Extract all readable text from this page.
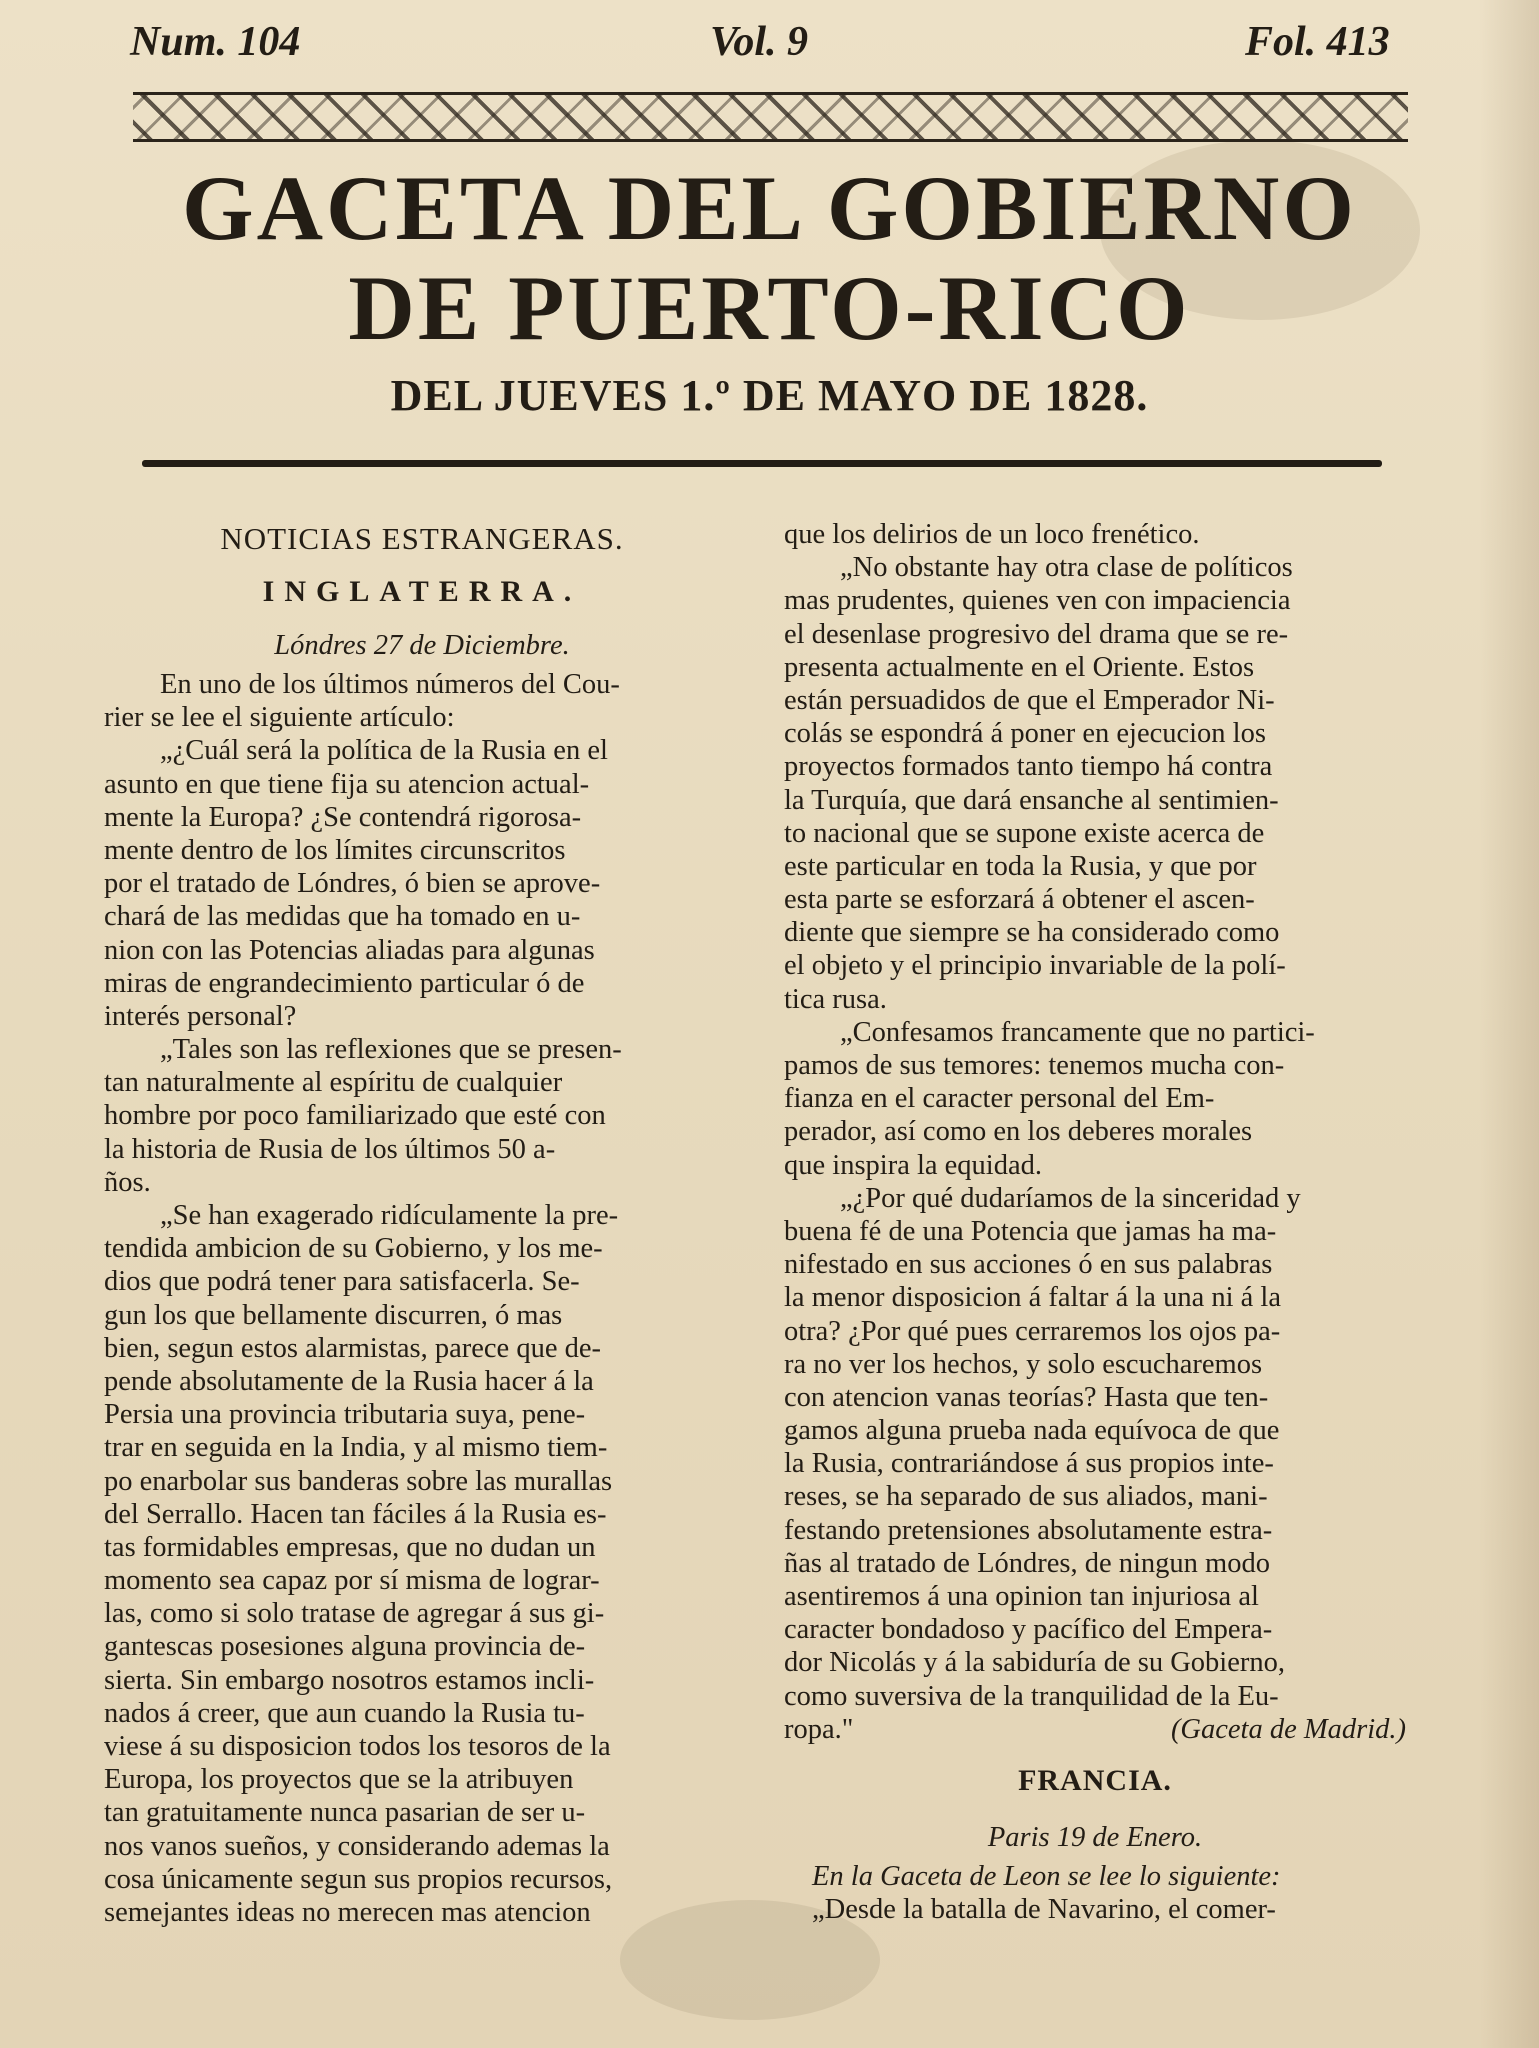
Num. 104	Vol. 9	Fol. 413
GACETA DEL GOBIERNO
DE PUERTO-RICO
DEL JUEVES 1.º DE MAYO DE 1828.
NOTICIAS ESTRANGERAS.
INGLATERRA.
Lóndres 27 de Diciembre.
En uno de los últimos números del Cou-
rier se lee el siguiente artículo:
„¿Cuál será la política de la Rusia en el
asunto en que tiene fija su atencion actual-
mente la Europa? ¿Se contendrá rigorosa-
mente dentro de los límites circunscritos
por el tratado de Lóndres, ó bien se aprove-
chará de las medidas que ha tomado en u-
nion con las Potencias aliadas para algunas
miras de engrandecimiento particular ó de
interés personal?
„Tales son las reflexiones que se presen-
tan naturalmente al espíritu de cualquier
hombre por poco familiarizado que esté con
la historia de Rusia de los últimos 50 a-
ños.
„Se han exagerado ridículamente la pre-
tendida ambicion de su Gobierno, y los me-
dios que podrá tener para satisfacerla. Se-
gun los que bellamente discurren, ó mas
bien, segun estos alarmistas, parece que de-
pende absolutamente de la Rusia hacer á la
Persia una provincia tributaria suya, pene-
trar en seguida en la India, y al mismo tiem-
po enarbolar sus banderas sobre las murallas
del Serrallo. Hacen tan fáciles á la Rusia es-
tas formidables empresas, que no dudan un
momento sea capaz por sí misma de lograr-
las, como si solo tratase de agregar á sus gi-
gantescas posesiones alguna provincia de-
sierta. Sin embargo nosotros estamos incli-
nados á creer, que aun cuando la Rusia tu-
viese á su disposicion todos los tesoros de la
Europa, los proyectos que se la atribuyen
tan gratuitamente nunca pasarian de ser u-
nos vanos sueños, y considerando ademas la
cosa únicamente segun sus propios recursos,
semejantes ideas no merecen mas atencion
que los delirios de un loco frenético.
„No obstante hay otra clase de políticos
mas prudentes, quienes ven con impaciencia
el desenlase progresivo del drama que se re-
presenta actualmente en el Oriente. Estos
están persuadidos de que el Emperador Ni-
colás se espondrá á poner en ejecucion los
proyectos formados tanto tiempo há contra
la Turquía, que dará ensanche al sentimien-
to nacional que se supone existe acerca de
este particular en toda la Rusia, y que por
esta parte se esforzará á obtener el ascen-
diente que siempre se ha considerado como
el objeto y el principio invariable de la polí-
tica rusa.
„Confesamos francamente que no partici-
pamos de sus temores: tenemos mucha con-
fianza en el caracter personal del Em-
perador, así como en los deberes morales
que inspira la equidad.
„¿Por qué dudaríamos de la sinceridad y
buena fé de una Potencia que jamas ha ma-
nifestado en sus acciones ó en sus palabras
la menor disposicion á faltar á la una ni á la
otra? ¿Por qué pues cerraremos los ojos pa-
ra no ver los hechos, y solo escucharemos
con atencion vanas teorías? Hasta que ten-
gamos alguna prueba nada equívoca de que
la Rusia, contrariándose á sus propios inte-
reses, se ha separado de sus aliados, mani-
festando pretensiones absolutamente estra-
ñas al tratado de Lóndres, de ningun modo
asentiremos á una opinion tan injuriosa al
caracter bondadoso y pacífico del Empera-
dor Nicolás y á la sabiduría de su Gobierno,
como suversiva de la tranquilidad de la Eu-
ropa."	(Gaceta de Madrid.)
FRANCIA.
Paris 19 de Enero.
En la Gaceta de Leon se lee lo siguiente:
„Desde la batalla de Navarino, el comer-
